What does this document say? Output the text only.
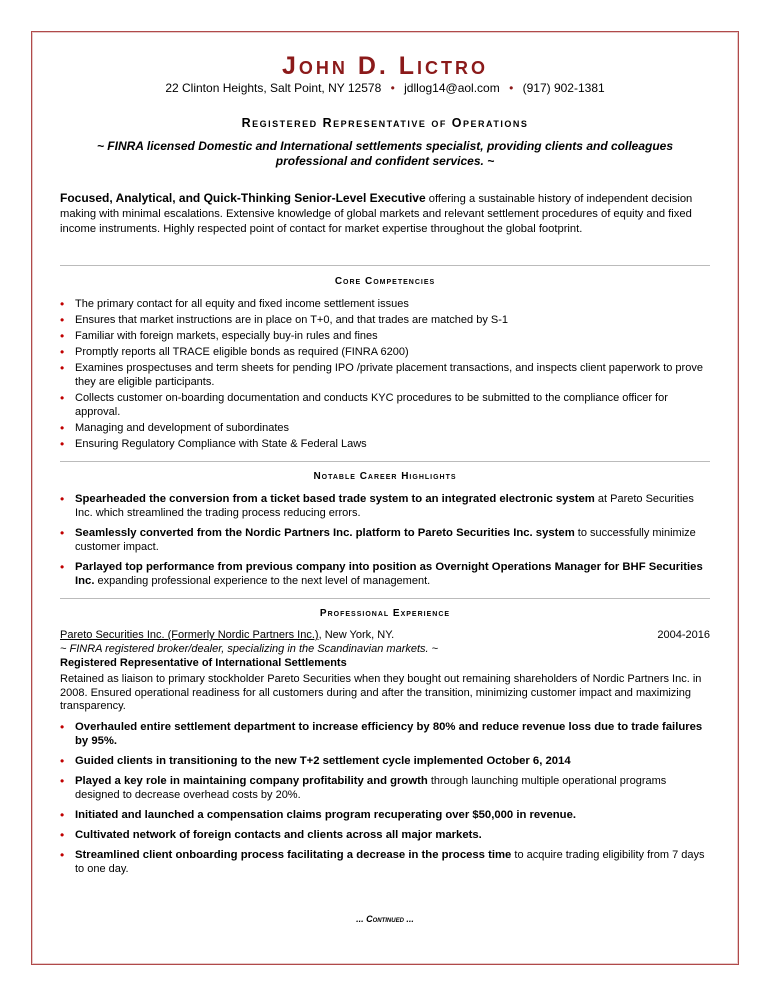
John D. Lictro
22 Clinton Heights, Salt Point, NY 12578 • jdllog14@aol.com • (917) 902-1381
Registered Representative of Operations
~ FINRA licensed Domestic and International settlements specialist, providing clients and colleagues professional and confident services. ~
Focused, Analytical, and Quick-Thinking Senior-Level Executive offering a sustainable history of independent decision making with minimal escalations. Extensive knowledge of global markets and relevant settlement procedures of equity and fixed income instruments. Highly respected point of contact for market expertise throughout the global footprint.
Core Competencies
• The primary contact for all equity and fixed income settlement issues
• Ensures that market instructions are in place on T+0, and that trades are matched by S-1
• Familiar with foreign markets, especially buy-in rules and fines
• Promptly reports all TRACE eligible bonds as required (FINRA 6200)
• Examines prospectuses and term sheets for pending IPO /private placement transactions, and inspects client paperwork to prove they are eligible participants.
• Collects customer on-boarding documentation and conducts KYC procedures to be submitted to the compliance officer for approval.
• Managing and development of subordinates
• Ensuring Regulatory Compliance with State & Federal Laws
Notable Career Highlights
• Spearheaded the conversion from a ticket based trade system to an integrated electronic system at Pareto Securities Inc. which streamlined the trading process reducing errors.
• Seamlessly converted from the Nordic Partners Inc. platform to Pareto Securities Inc. system to successfully minimize customer impact.
• Parlayed top performance from previous company into position as Overnight Operations Manager for BHF Securities Inc. expanding professional experience to the next level of management.
Professional Experience
Pareto Securities Inc. (Formerly Nordic Partners Inc.), New York, NY.	2004-2016
~ FINRA registered broker/dealer, specializing in the Scandinavian markets. ~
Registered Representative of International Settlements
Retained as liaison to primary stockholder Pareto Securities when they bought out remaining shareholders of Nordic Partners Inc. in 2008. Ensured operational readiness for all customers during and after the transition, minimizing customer impact and maximizing transparency.
• Overhauled entire settlement department to increase efficiency by 80% and reduce revenue loss due to trade failures by 95%.
• Guided clients in transitioning to the new T+2 settlement cycle implemented October 6, 2014
• Played a key role in maintaining company profitability and growth through launching multiple operational programs designed to decrease overhead costs by 20%.
• Initiated and launched a compensation claims program recuperating over $50,000 in revenue.
• Cultivated network of foreign contacts and clients across all major markets.
• Streamlined client onboarding process facilitating a decrease in the process time to acquire trading eligibility from 7 days to one day.
... Continued ...
